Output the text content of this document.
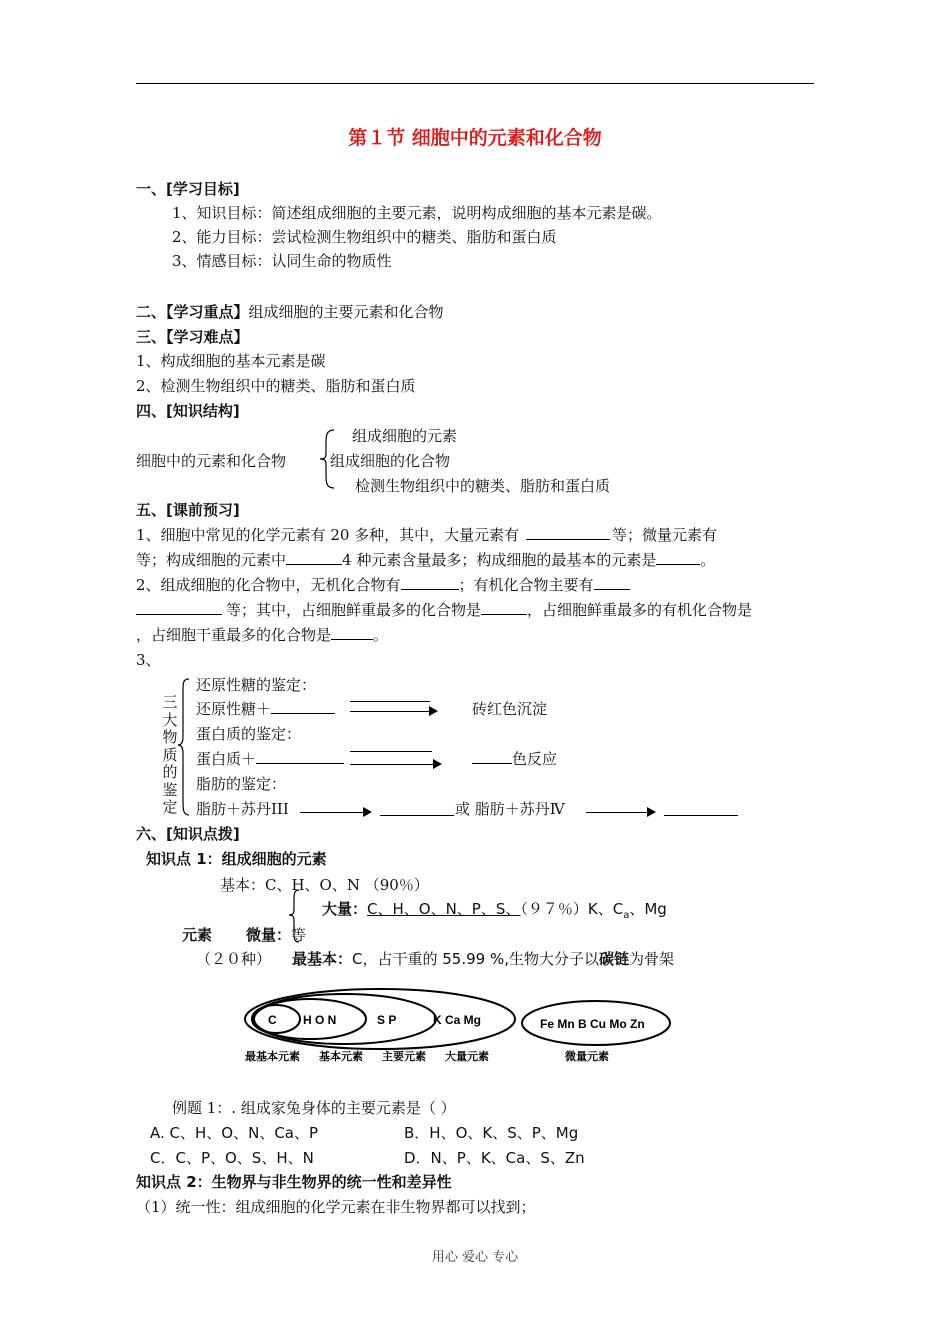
第１节 细胞中的元素和化合物
一、[学习目标]
1、知识目标：简述组成细胞的主要元素，说明构成细胞的基本元素是碳。
2、能力目标：尝试检测生物组织中的糖类、脂肪和蛋白质
3、情感目标：认同生命的物质性
二、【学习重点】组成细胞的主要元素和化合物
三、【学习难点】
1、构成细胞的基本元素是碳
2、检测生物组织中的糖类、脂肪和蛋白质
四、[知识结构]
细胞中的元素和化合物
组成细胞的元素
组成细胞的化合物
检测生物组织中的糖类、脂肪和蛋白质
五、[课前预习]
1、细胞中常见的化学元素有 20 多种，其中，大量元素有	等；微量元素有
等；构成细胞的元素中	4 种元素含量最多；构成细胞的最基本的元素是	。
2、组成细胞的化合物中，无机化合物有	；有机化合物主要有
等；其中，占细胞鲜重最多的化合物是	，占细胞鲜重最多的有机化合物是
，占细胞干重最多的化合物是	。
3、
三
大
物
质
的
鉴
定
还原性糖的鉴定：
还原性糖＋	砖红色沉淀
蛋白质的鉴定：
蛋白质＋	色反应
脂肪的鉴定：
脂肪＋苏丹III	或 脂肪＋苏丹Ⅳ
六、[知识点拨]
知识点 1：组成细胞的元素
基本：C、H、O、N （90％）
大量：C、H、O、N、P、S、（９７％）K、$C_a$、Mg
元素 微量：等
（２０种） 最基本：C，占干重的 55.99 %,生物大分子以碳链为骨架
C H O N	S P	K Ca Mg	Fe Mn B Cu Mo Zn
最基本元素 基本元素 主要元素 大量元素	微量元素
例题 1：. 组成家兔身体的主要元素是（ ）
A. C、H、O、N、Ca、P	B．H、O、K、S、P、Mg
C．C、P、O、S、H、N	D．N、P、K、Ca、S、Zn
知识点 2：生物界与非生物界的统一性和差异性
（1）统一性：组成细胞的化学元素在非生物界都可以找到；
用心 爱心 专心
